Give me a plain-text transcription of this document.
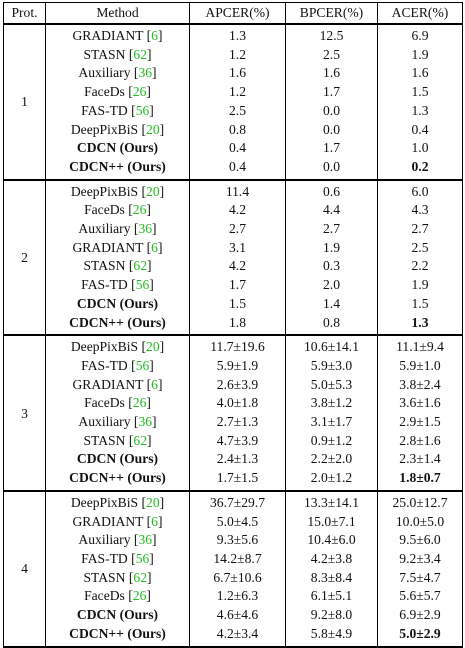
Prot.	Method	APCER(%)	BPCER(%)	ACER(%)
1	GRADIANT [6]	1.3	12.5	6.9
	STASN [62]	1.2	2.5	1.9
	Auxiliary [36]	1.6	1.6	1.6
	FaceDs [26]	1.2	1.7	1.5
	FAS-TD [56]	2.5	0.0	1.3
	DeepPixBiS [20]	0.8	0.0	0.4
	CDCN (Ours)	0.4	1.7	1.0
	CDCN++ (Ours)	0.4	0.0	0.2
2	DeepPixBiS [20]	11.4	0.6	6.0
	FaceDs [26]	4.2	4.4	4.3
	Auxiliary [36]	2.7	2.7	2.7
	GRADIANT [6]	3.1	1.9	2.5
	STASN [62]	4.2	0.3	2.2
	FAS-TD [56]	1.7	2.0	1.9
	CDCN (Ours)	1.5	1.4	1.5
	CDCN++ (Ours)	1.8	0.8	1.3
3	DeepPixBiS [20]	11.7±19.6	10.6±14.1	11.1±9.4
	FAS-TD [56]	5.9±1.9	5.9±3.0	5.9±1.0
	GRADIANT [6]	2.6±3.9	5.0±5.3	3.8±2.4
	FaceDs [26]	4.0±1.8	3.8±1.2	3.6±1.6
	Auxiliary [36]	2.7±1.3	3.1±1.7	2.9±1.5
	STASN [62]	4.7±3.9	0.9±1.2	2.8±1.6
	CDCN (Ours)	2.4±1.3	2.2±2.0	2.3±1.4
	CDCN++ (Ours)	1.7±1.5	2.0±1.2	1.8±0.7
4	DeepPixBiS [20]	36.7±29.7	13.3±14.1	25.0±12.7
	GRADIANT [6]	5.0±4.5	15.0±7.1	10.0±5.0
	Auxiliary [36]	9.3±5.6	10.4±6.0	9.5±6.0
	FAS-TD [56]	14.2±8.7	4.2±3.8	9.2±3.4
	STASN [62]	6.7±10.6	8.3±8.4	7.5±4.7
	FaceDs [26]	1.2±6.3	6.1±5.1	5.6±5.7
	CDCN (Ours)	4.6±4.6	9.2±8.0	6.9±2.9
	CDCN++ (Ours)	4.2±3.4	5.8±4.9	5.0±2.9
